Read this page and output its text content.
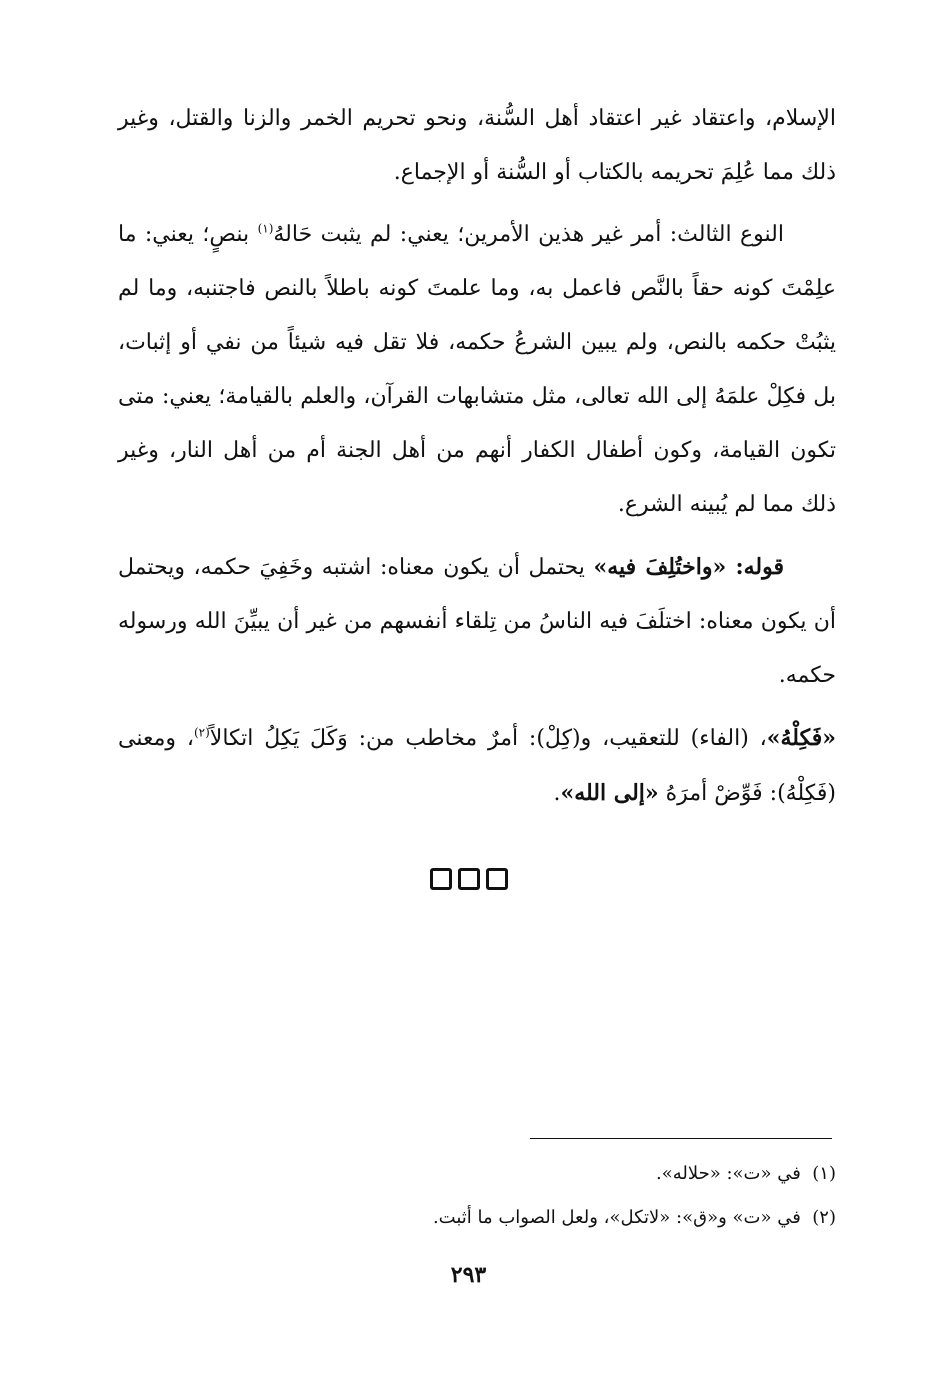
الإسلام، واعتقاد غير اعتقاد أهل السُّنة، ونحو تحريم الخمر والزنا والقتل، وغير ذلك مما عُلِمَ تحريمه بالكتاب أو السُّنة أو الإجماع.

النوع الثالث: أمر غير هذين الأمرين؛ يعني: لم يثبت حَالهُ$^{(١)}$ بنصٍ؛ يعني: ما علِمْتَ كونه حقاً بالنَّص فاعمل به، وما علمتَ كونه باطلاً بالنص فاجتنبه، وما لم يثبُتْ حكمه بالنص، ولم يبين الشرعُ حكمه، فلا تقل فيه شيئاً من نفي أو إثبات، بل فكِلْ علمَهُ إلى الله تعالى، مثل متشابهات القرآن، والعلم بالقيامة؛ يعني: متى تكون القيامة، وكون أطفال الكفار أنهم من أهل الجنة أم من أهل النار، وغير ذلك مما لم يُبينه الشرع.

قوله: «واختُلِفَ فيه» يحتمل أن يكون معناه: اشتبه وخَفِيَ حكمه، ويحتمل أن يكون معناه: اختلَفَ فيه الناسُ من تِلقاء أنفسهم من غير أن يبيِّنَ الله ورسوله حكمه.

«فَكِلْهُ»، (الفاء) للتعقيب، و(كِلْ): أمرٌ مخاطب من: وَكَلَ يَكِلُ اتكالاً$^{(٢)}$، ومعنى (فَكِلْهُ): فَوِّضْ أمرَهُ «إلى الله».

(١)  في «ت»: «حلاله».

(٢)  في «ت» و«ق»: «لاتكل»، ولعل الصواب ما أثبت.

٢٩٣
